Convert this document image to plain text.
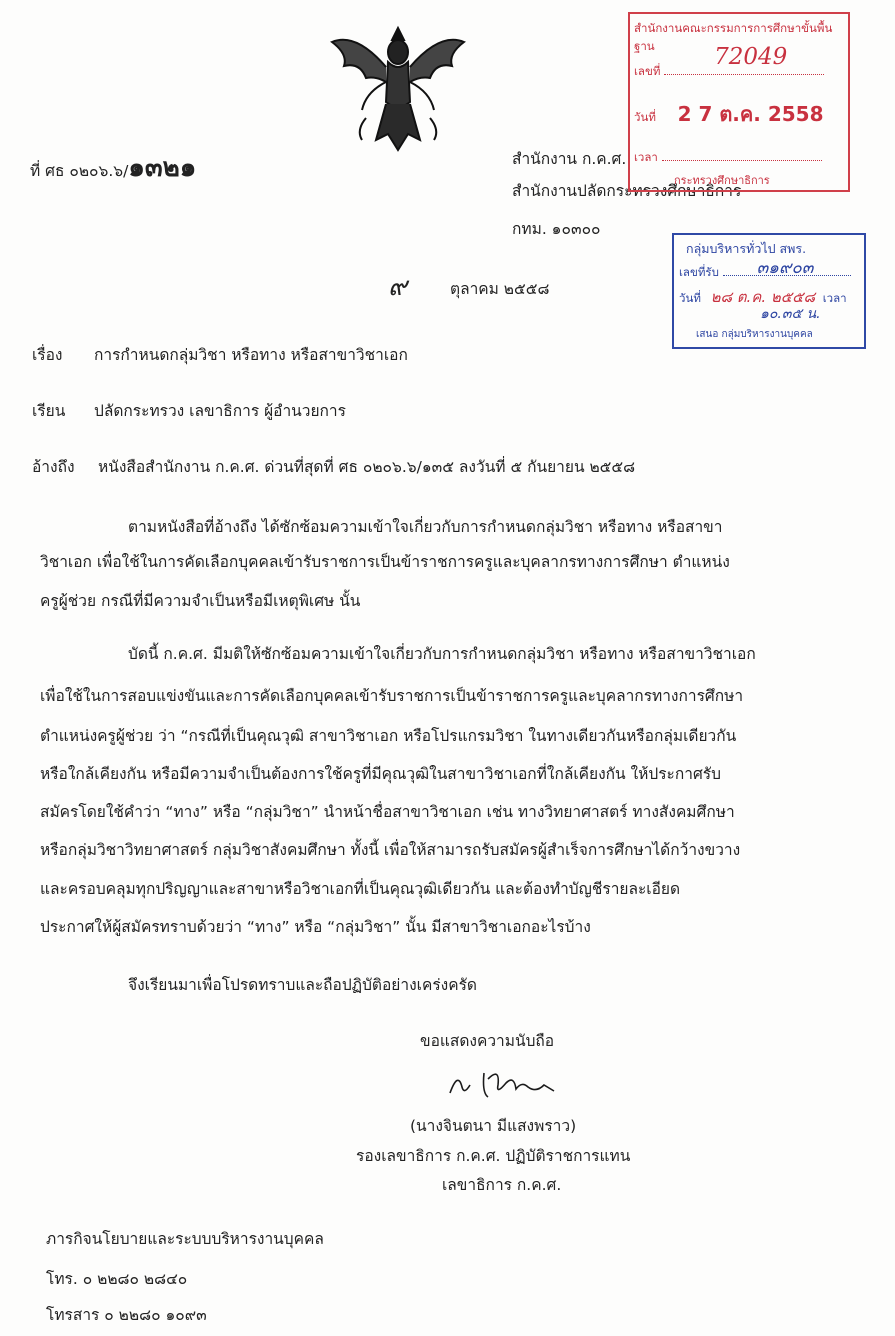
ที่ ศธ ๐๒๐๖.๖/๑๓๒๑	สำนักงาน ก.ค.ศ.
สำนักงานปลัดกระทรวงศึกษาธิการ
กทม. ๑๐๓๐๐
สำนักงานคณะกรรมการการศึกษาขั้นพื้นฐาน
เลขที่
72049
วันที่ 2 7 ต.ค. 2558
เวลา
กระทรวงศึกษาธิการ
กลุ่มบริหารทั่วไป สพร.
เลขที่รับ ๓๑๙๐๓
วันที่ ๒๘ ต.ค. ๒๕๕๘ เวลา
๑๐.๓๕ น.
เสนอ กลุ่มบริหารงานบุคคล
๙	ตุลาคม ๒๕๕๘
เรื่อง การกำหนดกลุ่มวิชา หรือทาง หรือสาขาวิชาเอก
เรียน ปลัดกระทรวง เลขาธิการ ผู้อำนวยการ
อ้างถึง หนังสือสำนักงาน ก.ค.ศ. ด่วนที่สุดที่ ศธ ๐๒๐๖.๖/๑๓๕ ลงวันที่ ๕ กันยายน ๒๕๕๘
ตามหนังสือที่อ้างถึง ได้ซักซ้อมความเข้าใจเกี่ยวกับการกำหนดกลุ่มวิชา หรือทาง หรือสาขา
วิชาเอก เพื่อใช้ในการคัดเลือกบุคคลเข้ารับราชการเป็นข้าราชการครูและบุคลากรทางการศึกษา ตำแหน่ง
ครูผู้ช่วย กรณีที่มีความจำเป็นหรือมีเหตุพิเศษ นั้น
บัดนี้ ก.ค.ศ. มีมติให้ซักซ้อมความเข้าใจเกี่ยวกับการกำหนดกลุ่มวิชา หรือทาง หรือสาขาวิชาเอก
เพื่อใช้ในการสอบแข่งขันและการคัดเลือกบุคคลเข้ารับราชการเป็นข้าราชการครูและบุคลากรทางการศึกษา
ตำแหน่งครูผู้ช่วย ว่า “กรณีที่เป็นคุณวุฒิ สาขาวิชาเอก หรือโปรแกรมวิชา ในทางเดียวกันหรือกลุ่มเดียวกัน
หรือใกล้เคียงกัน หรือมีความจำเป็นต้องการใช้ครูที่มีคุณวุฒิในสาขาวิชาเอกที่ใกล้เคียงกัน ให้ประกาศรับ
สมัครโดยใช้คำว่า “ทาง” หรือ “กลุ่มวิชา” นำหน้าชื่อสาขาวิชาเอก เช่น ทางวิทยาศาสตร์ ทางสังคมศึกษา
หรือกลุ่มวิชาวิทยาศาสตร์ กลุ่มวิชาสังคมศึกษา ทั้งนี้ เพื่อให้สามารถรับสมัครผู้สำเร็จการศึกษาได้กว้างขวาง
และครอบคลุมทุกปริญญาและสาขาหรือวิชาเอกที่เป็นคุณวุฒิเดียวกัน และต้องทำบัญชีรายละเอียด
ประกาศให้ผู้สมัครทราบด้วยว่า “ทาง” หรือ “กลุ่มวิชา” นั้น มีสาขาวิชาเอกอะไรบ้าง
จึงเรียนมาเพื่อโปรดทราบและถือปฏิบัติอย่างเคร่งครัด
ขอแสดงความนับถือ
(นางจินตนา มีแสงพราว)
รองเลขาธิการ ก.ค.ศ. ปฏิบัติราชการแทน
เลขาธิการ ก.ค.ศ.
ภารกิจนโยบายและระบบบริหารงานบุคคล
โทร. ๐ ๒๒๘๐ ๒๘๔๐
โทรสาร ๐ ๒๒๘๐ ๑๐๙๓
